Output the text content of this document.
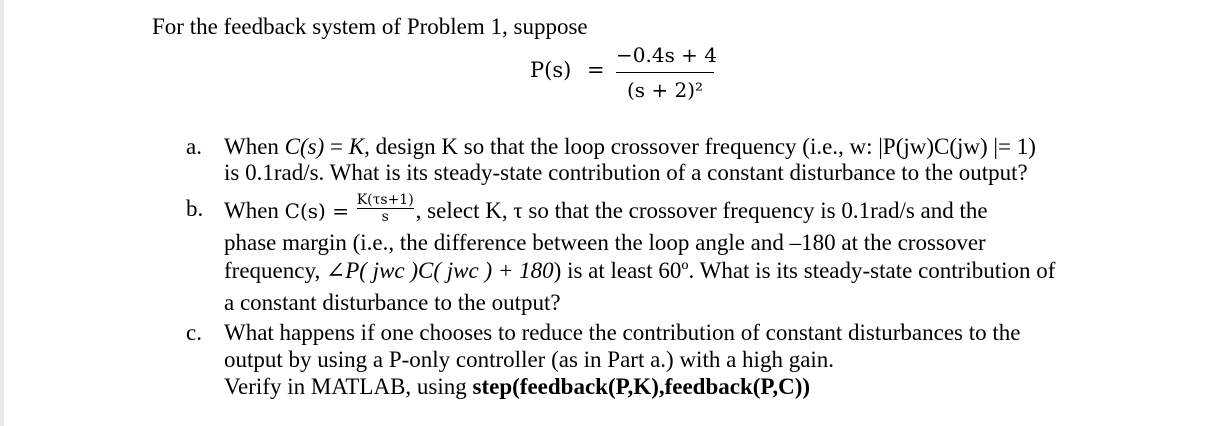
For the feedback system of Problem 1, suppose
P(s) =
−0.4s + 4
(s + 2)²
a. When C(s) = K, design K so that the loop crossover frequency (i.e., w: |P(jw)C(jw) |= 1)
is 0.1rad/s. What is its steady-state contribution of a constant disturbance to the output?
b. When $C(s) = \frac{K(\tau s+1)}{s}$ , select K, τ so that the crossover frequency is 0.1rad/s and the
phase margin (i.e., the difference between the loop angle and –180 at the crossover
frequency, ∠P( jwc )C( jwc ) + 180) is at least 60º. What is its steady-state contribution of
a constant disturbance to the output?
c. What happens if one chooses to reduce the contribution of constant disturbances to the
output by using a P-only controller (as in Part a.) with a high gain.
Verify in MATLAB, using step(feedback(P,K),feedback(P,C))
